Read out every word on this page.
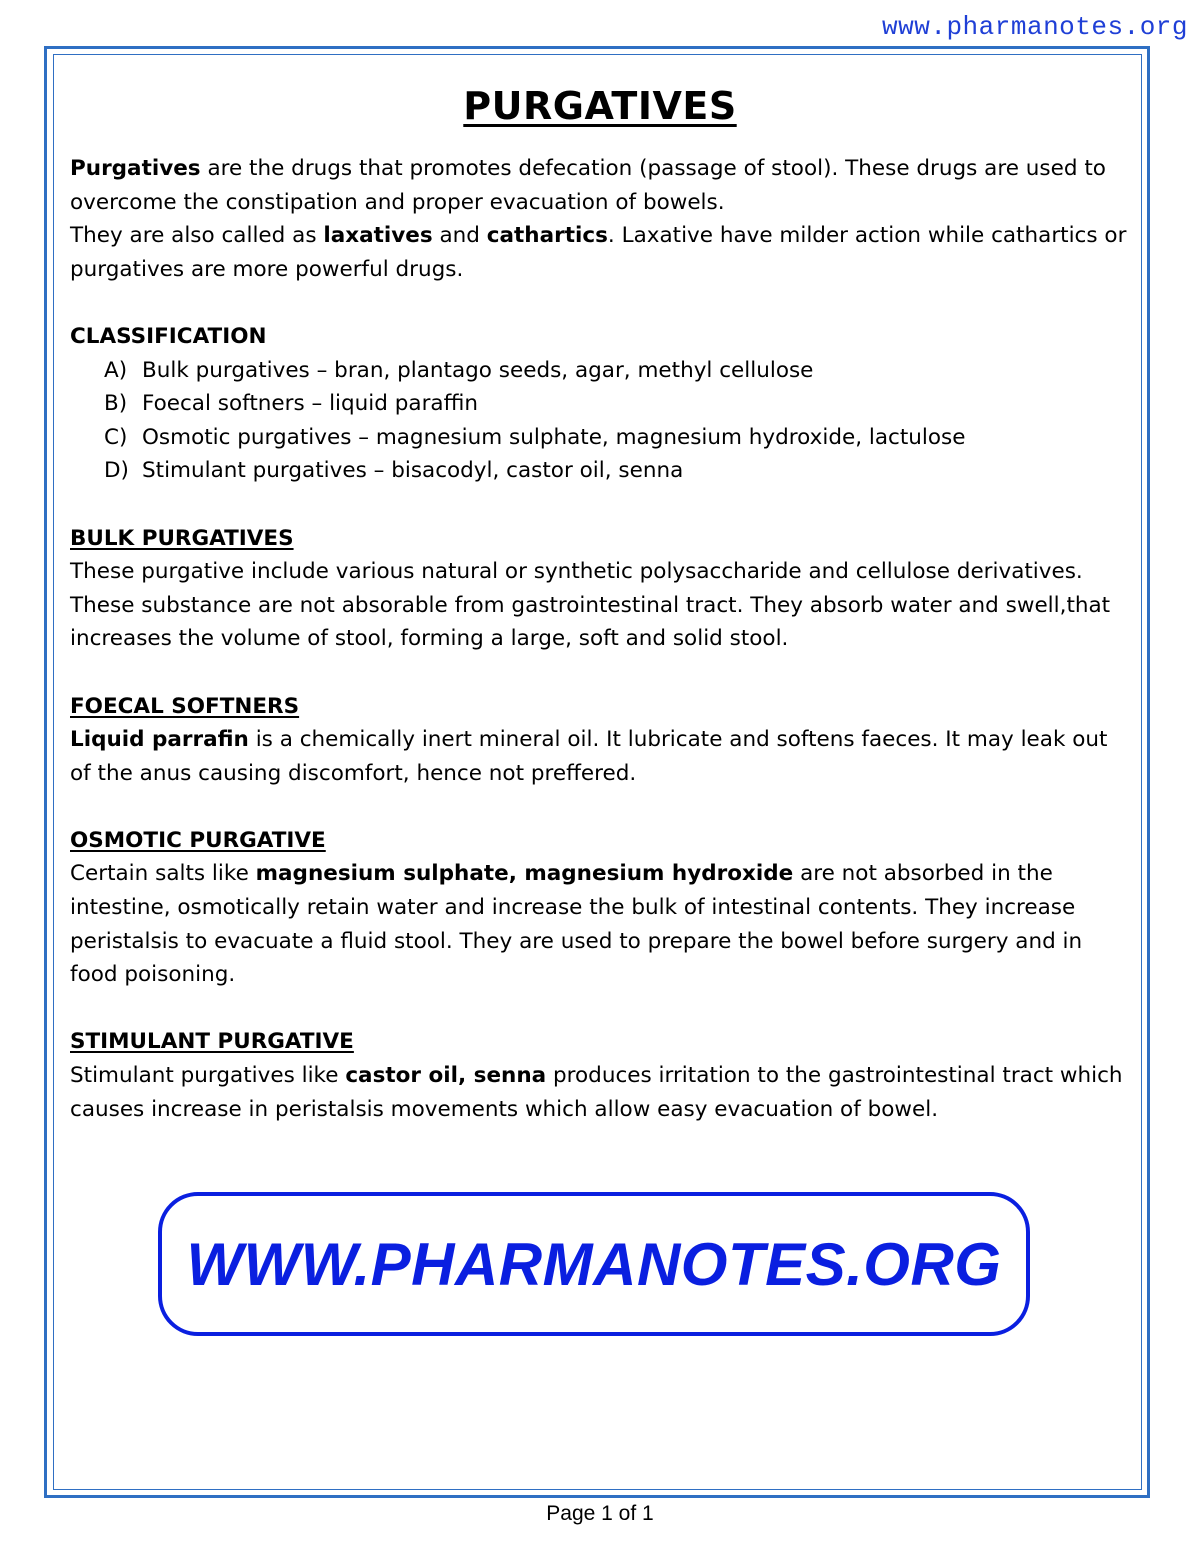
www.pharmanotes.org
PURGATIVES

Purgatives are the drugs that promotes defecation (passage of stool). These drugs are used to overcome the constipation and proper evacuation of bowels.

They are also called as laxatives and cathartics. Laxative have milder action while cathartics or purgatives are more powerful drugs.

CLASSIFICATION

A) Bulk purgatives – bran, plantago seeds, agar, methyl cellulose
B) Foecal softners – liquid paraffin
C) Osmotic purgatives – magnesium sulphate, magnesium hydroxide, lactulose
D) Stimulant purgatives – bisacodyl, castor oil, senna

BULK PURGATIVES

These purgative include various natural or synthetic polysaccharide and cellulose derivatives. These substance are not absorable from gastrointestinal tract. They absorb water and swell,that increases the volume of stool, forming a large, soft and solid stool.

FOECAL SOFTNERS

Liquid parrafin is a chemically inert mineral oil. It lubricate and softens faeces. It may leak out of the anus causing discomfort, hence not preffered.

OSMOTIC PURGATIVE

Certain salts like magnesium sulphate, magnesium hydroxide are not absorbed in the intestine, osmotically retain water and increase the bulk of intestinal contents. They increase peristalsis to evacuate a fluid stool. They are used to prepare the bowel before surgery and in food poisoning.

STIMULANT PURGATIVE

Stimulant purgatives like castor oil, senna produces irritation to the gastrointestinal tract which causes increase in peristalsis movements which allow easy evacuation of bowel.

WWW.PHARMANOTES.ORG
Page 1 of 1
